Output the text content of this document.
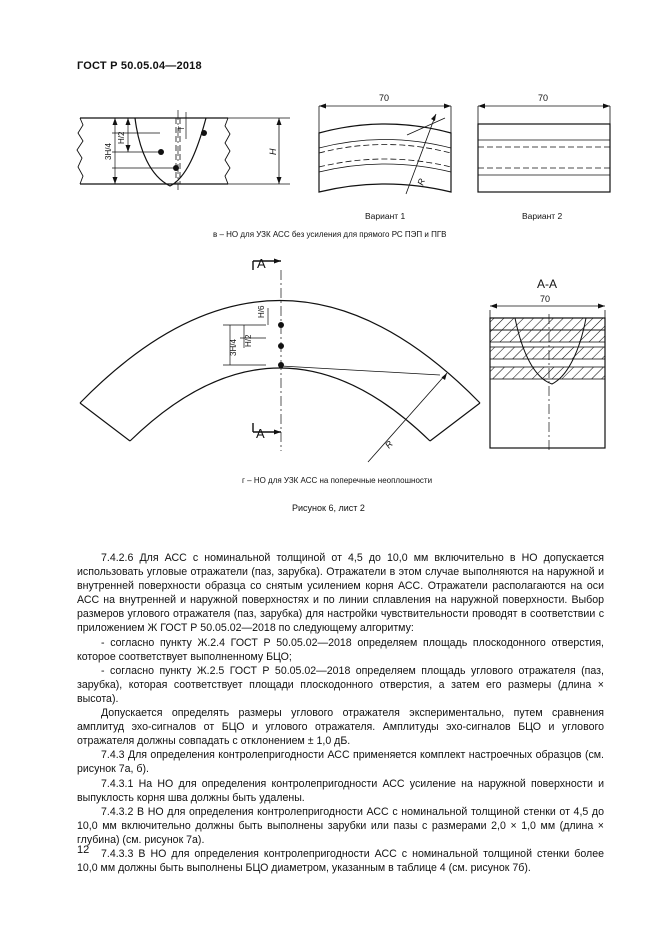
ГОСТ Р 50.05.04—2018
3H/4
H/2
T
H
70
R
Вариант 1
70
Вариант 2
в – НО для УЗК АСС без усиления для прямого РС ПЭП и ПГВ
А
А
H/6
H/2
3H/4
R
А-А
70
г – НО для УЗК АСС на поперечные неоплошности
Рисунок 6, лист 2

7.4.2.6 Для АСС с номинальной толщиной от 4,5 до 10,0 мм включительно в НО допускается использовать угловые отражатели (паз, зарубка). Отражатели в этом случае выполняются на наружной и внутренней поверхности образца со снятым усилением корня АСС. Отражатели располагаются на оси АСС на внутренней и наружной поверхностях и по линии сплавления на наружной поверхности. Выбор размеров углового отражателя (паз, зарубка) для настройки чувствительности проводят в соответствии с приложением Ж ГОСТ Р 50.05.02—2018 по следующему алгоритму:

- согласно пункту Ж.2.4 ГОСТ Р 50.05.02—2018 определяем площадь плоскодонного отверстия, которое соответствует выполненному БЦО;

- согласно пункту Ж.2.5 ГОСТ Р 50.05.02—2018 определяем площадь углового отражателя (паз, зарубка), которая соответствует площади плоскодонного отверстия, а затем его размеры (длина × высота).

Допускается определять размеры углового отражателя экспериментально, путем сравнения амплитуд эхо-сигналов от БЦО и углового отражателя. Амплитуды эхо-сигналов БЦО и углового отражателя должны совпадать с отклонением ± 1,0 дБ.

7.4.3 Для определения контролепригодности АСС применяется комплект настроечных образцов (см. рисунок 7а, б).

7.4.3.1 На НО для определения контролепригодности АСС усиление на наружной поверхности и выпуклость корня шва должны быть удалены.

7.4.3.2 В НО для определения контролепригодности АСС с номинальной толщиной стенки от 4,5 до 10,0 мм включительно должны быть выполнены зарубки или пазы с размерами 2,0 × 1,0 мм (длина × глубина) (см. рисунок 7а).

7.4.3.3 В НО для определения контролепригодности АСС с номинальной толщиной стенки более 10,0 мм должны быть выполнены БЦО диаметром, указанным в таблице 4 (см. рисунок 7б).

12
